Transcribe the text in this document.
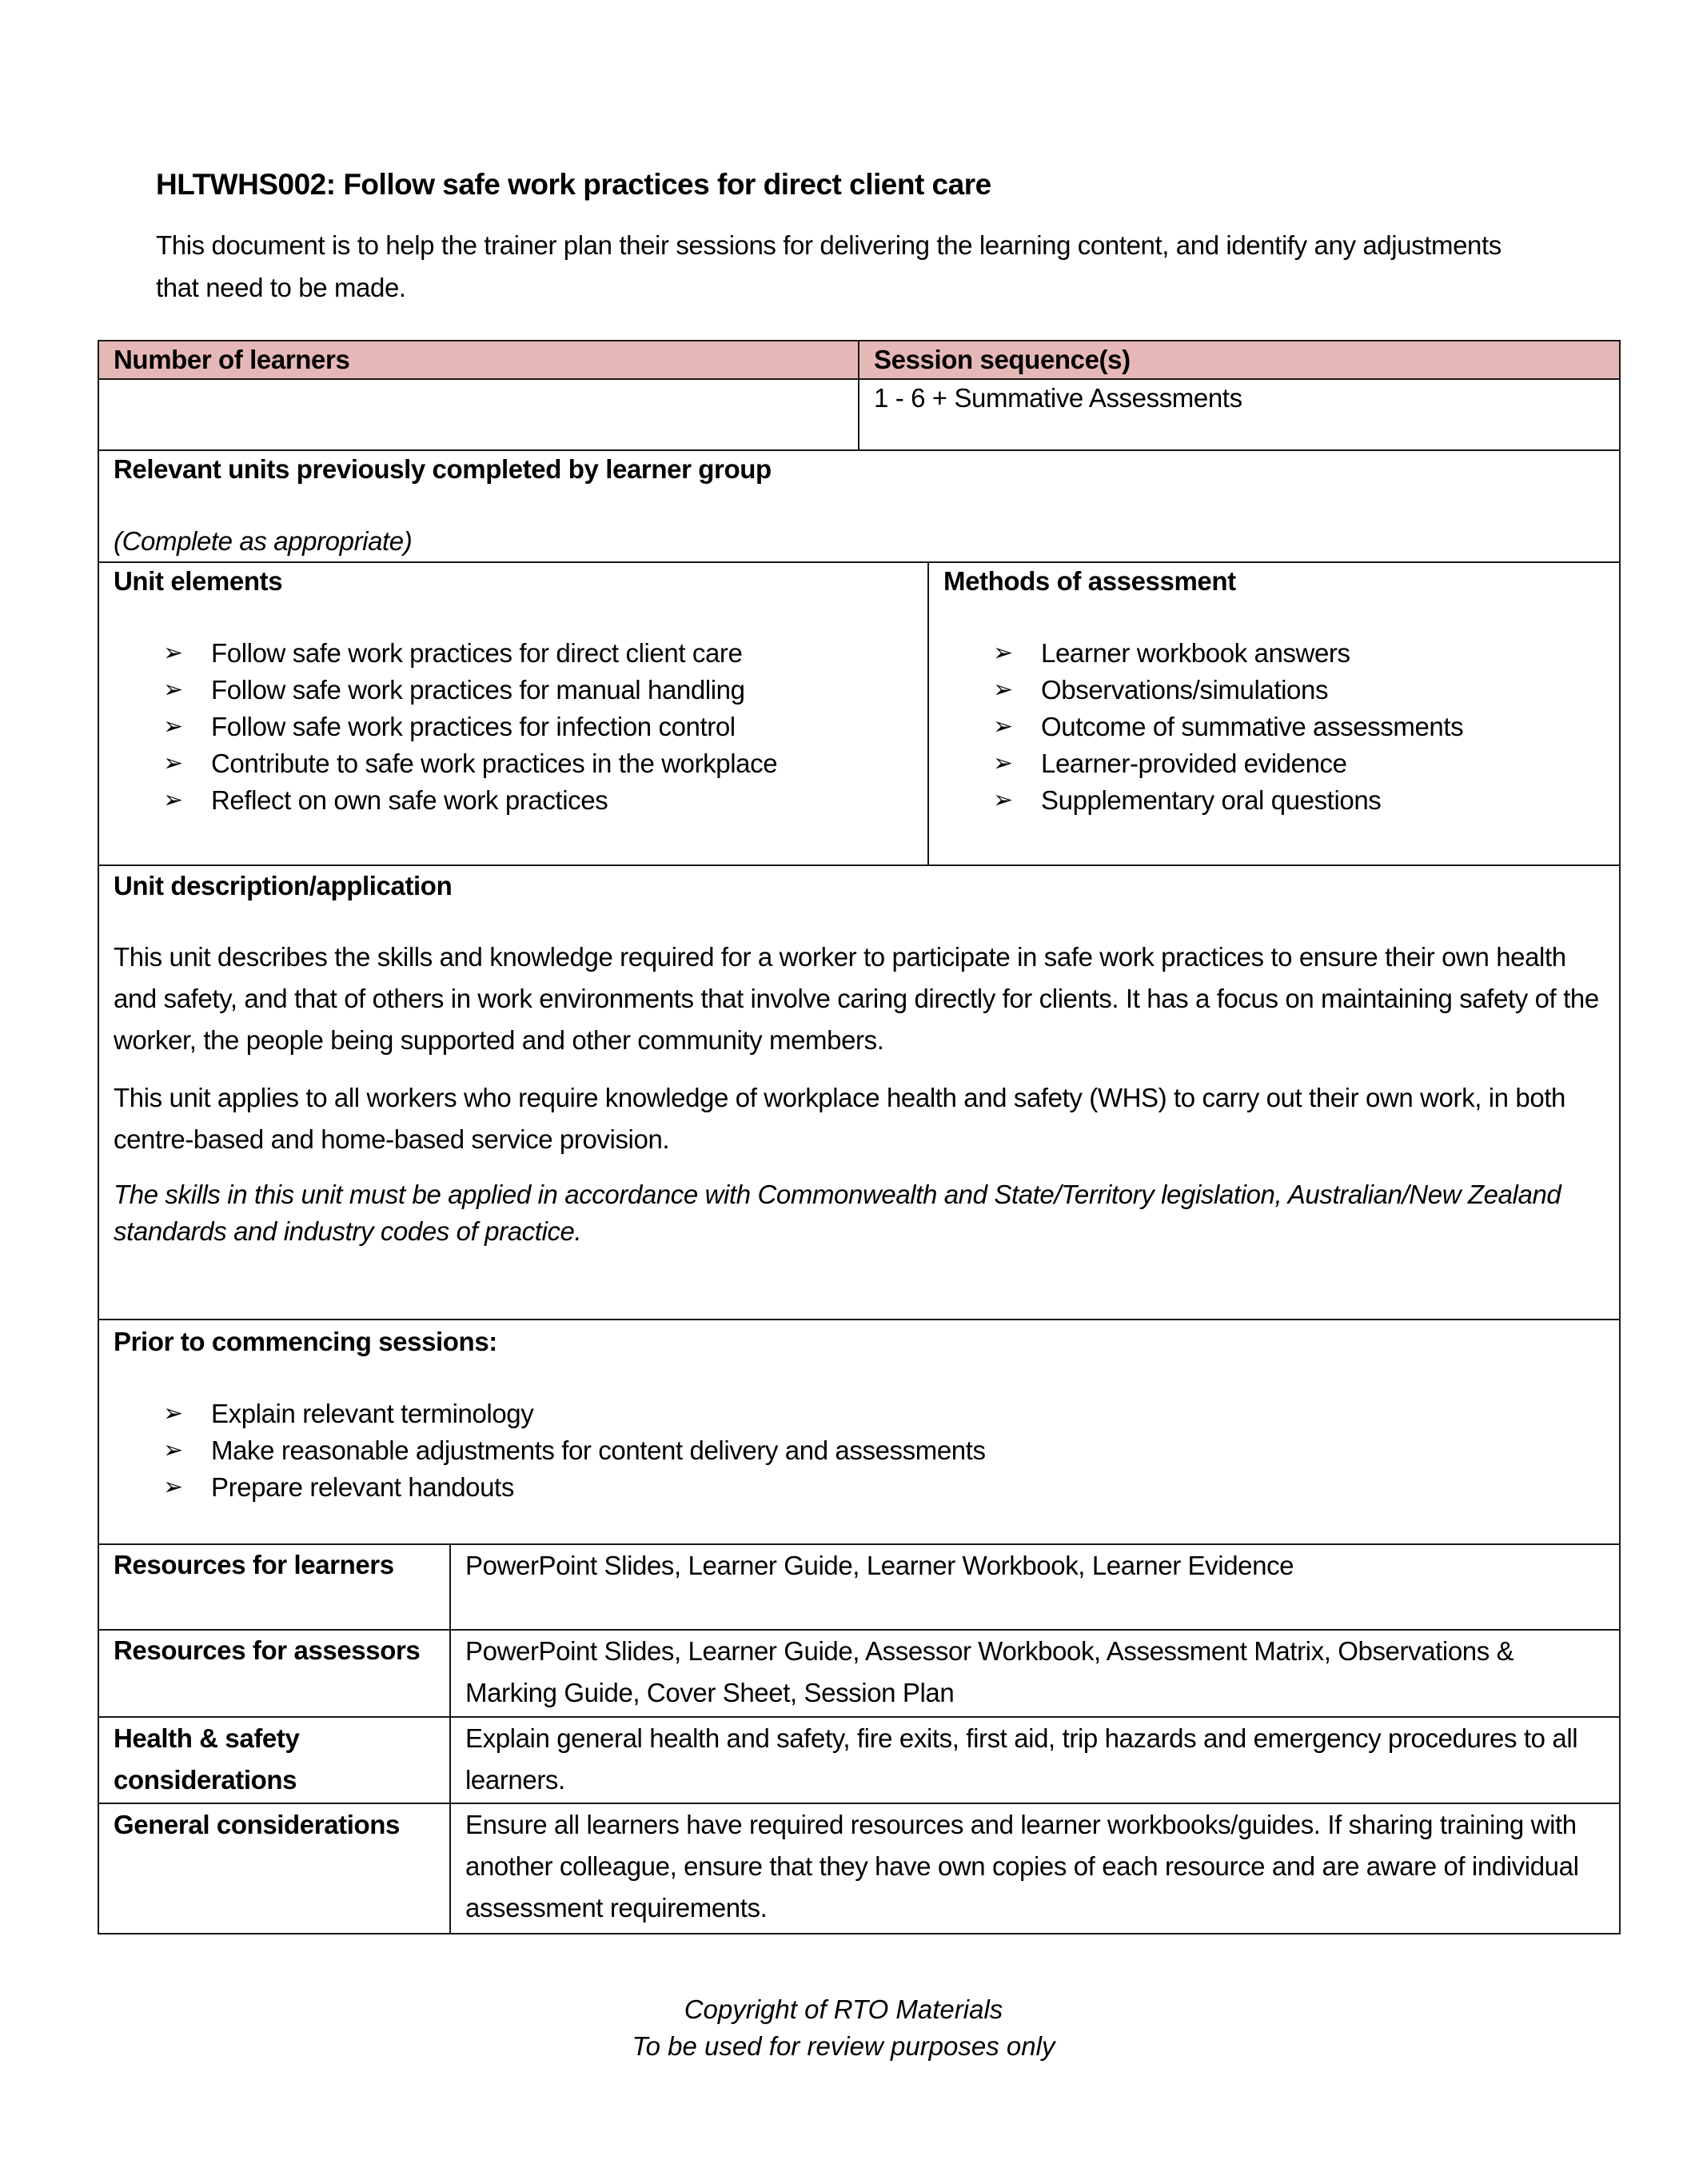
HLTWHS002: Follow safe work practices for direct client care
This document is to help the trainer plan their sessions for delivering the learning content, and identify any adjustments that need to be made.
Number of learners		Session sequence(s)	
		1 - 6 + Summative Assessments	

Relevant units previously completed by learner group
(Complete as appropriate)			

Unit elements
➢ Follow safe work practices for direct client care
➢ Follow safe work practices for manual handling
➢ Follow safe work practices for infection control
➢ Contribute to safe work practices in the workplace
➢ Reflect on own safe work practices

Methods of assessment
➢ Learner workbook answers
➢ Observations/simulations
➢ Outcome of summative assessments
➢ Learner-provided evidence
➢ Supplementary oral questions

Unit description/application

This unit describes the skills and knowledge required for a worker to participate in safe work practices to ensure their own health and safety, and that of others in work environments that involve caring directly for clients. It has a focus on maintaining safety of the worker, the people being supported and other community members.

This unit applies to all workers who require knowledge of workplace health and safety (WHS) to carry out their own work, in both centre-based and home-based service provision.

The skills in this unit must be applied in accordance with Commonwealth and State/Territory legislation, Australian/New Zealand standards and industry codes of practice.			

Prior to commencing sessions:
➢ Explain relevant terminology
➢ Make reasonable adjustments for content delivery and assessments
➢ Prepare relevant handouts

Resources for learners	PowerPoint Slides, Learner Guide, Learner Workbook, Learner Evidence		
Resources for assessors	PowerPoint Slides, Learner Guide, Assessor Workbook, Assessment Matrix, Observations & Marking Guide, Cover Sheet, Session Plan		
Health & safety considerations	Explain general health and safety, fire exits, first aid, trip hazards and emergency procedures to all learners.		
General considerations	Ensure all learners have required resources and learner workbooks/guides. If sharing training with another colleague, ensure that they have own copies of each resource and are aware of individual assessment requirements.		
Copyright of RTO Materials
To be used for review purposes only
